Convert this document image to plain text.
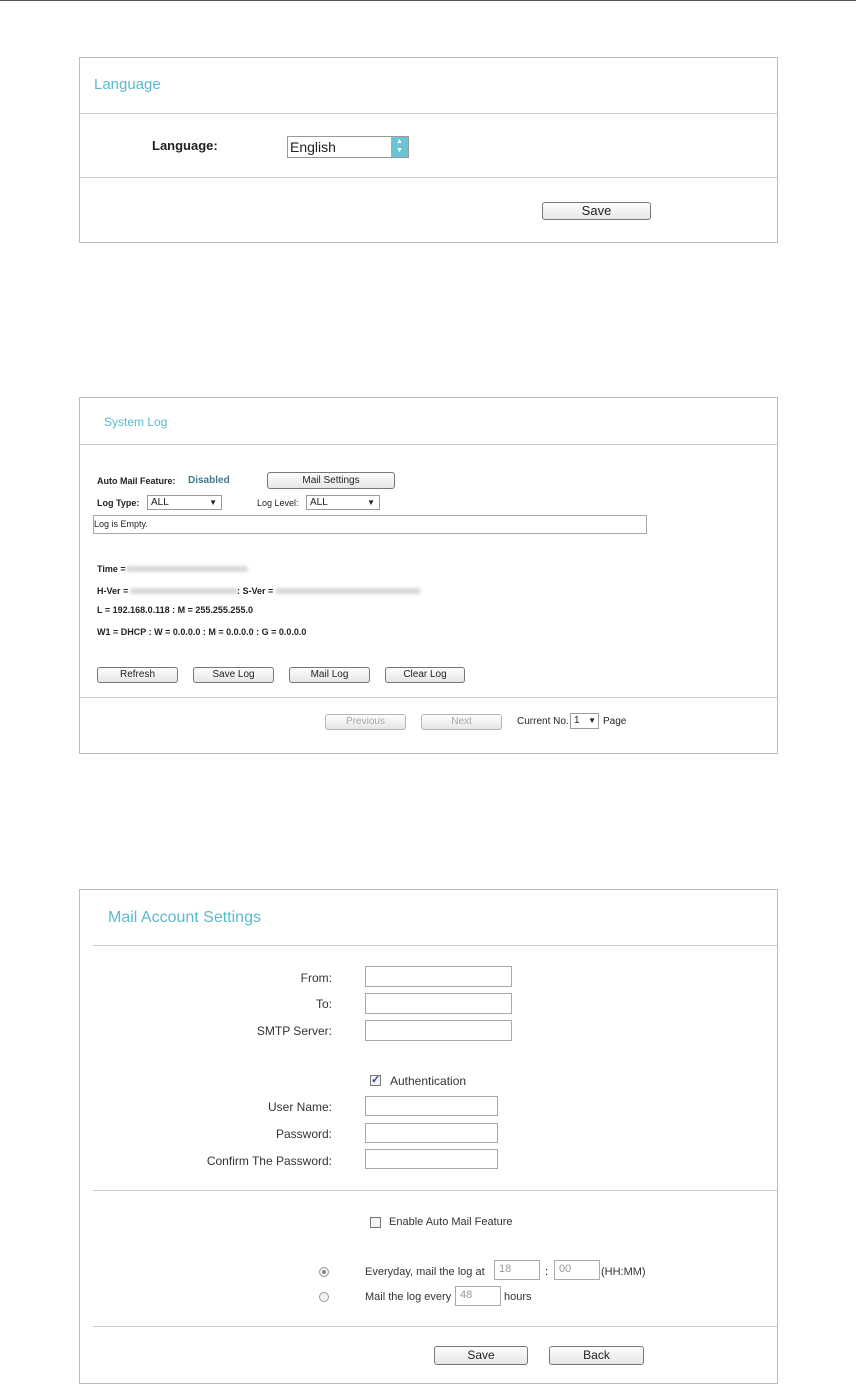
Language
Language:	English	▲
▼
Save
System Log
Auto Mail Feature: Disabled	Mail Settings
Log Type: ALL	▼	Log Level: ALL	▼
Log is Empty.
Time =
H-Ver =	: S-Ver =
L = 192.168.0.118 : M = 255.255.255.0
W1 = DHCP : W = 0.0.0.0 : M = 0.0.0.0 : G = 0.0.0.0
Refresh	Save Log	Mail Log	Clear Log
Previous	Next	Current No. 1 ▼ Page
Mail Account Settings
From:
To:
SMTP Server:
✓ Authentication
User Name:
Password:
Confirm The Password:
Enable Auto Mail Feature
Everyday, mail the log at	18	: 00	(HH:MM)
Mail the log every 48	hours
Save	Back
